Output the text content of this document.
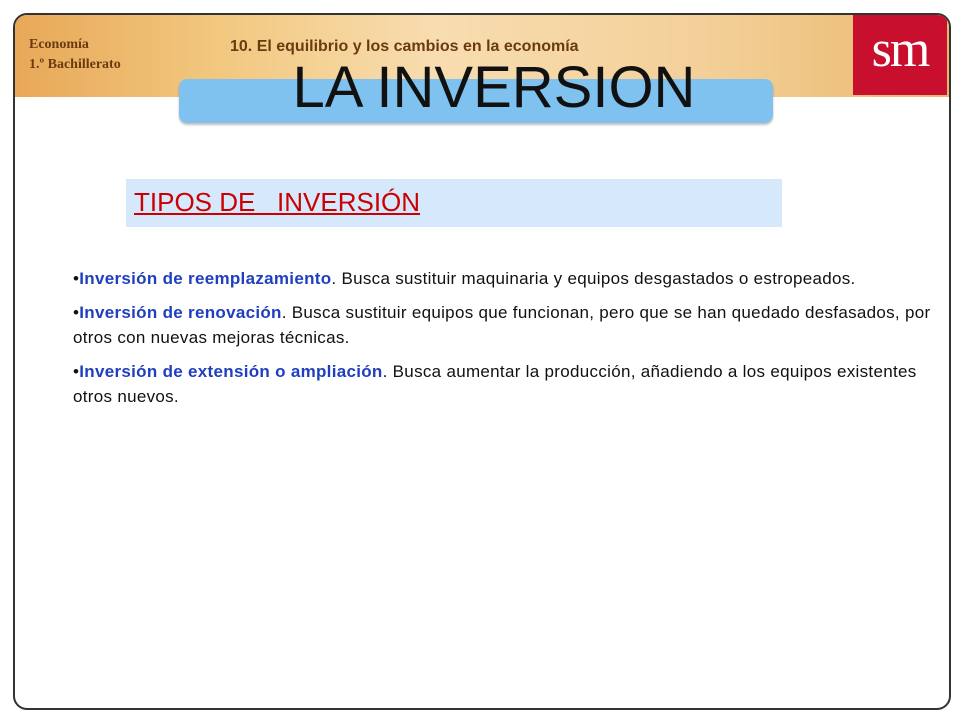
Economía
1.º Bachillerato
10. El equilibrio y los cambios en la economía	sm
LA INVERSION
TIPOS DE   INVERSIÓN
•Inversión de reemplazamiento. Busca sustituir maquinaria y equipos desgastados o estropeados.
•Inversión de renovación. Busca sustituir equipos que funcionan, pero que se han quedado desfasados, por otros con nuevas mejoras técnicas.
•Inversión de extensión o ampliación. Busca aumentar la producción, añadiendo a los equipos existentes otros nuevos.
